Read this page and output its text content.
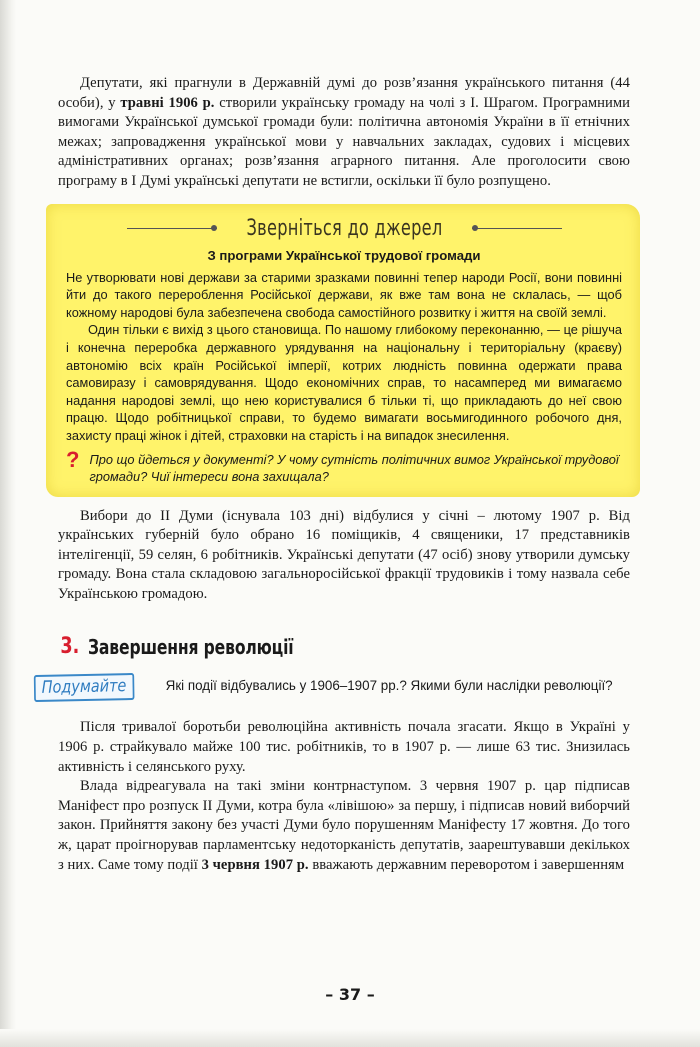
Депутати, які прагнули в Державній думі до розв’язання українського питання (44 особи), у травні 1906 р. створили українську громаду на чолі з І. Шрагом. Програмними вимогами Української думської громади були: політична автономія України в її етнічних межах; запровадження української мови у навчальних закладах, судових і місцевих адміністративних органах; розв’язання аграрного питання. Але проголосити свою програму в І Думі українські депутати не встигли, оскільки її було розпущено.

Зверніться до джерел
З програми Української трудової громади

Не утворювати нові держави за старими зразками повинні тепер народи Росії, вони повинні йти до такого перероблення Російської держави, як вже там вона не склалась, — щоб кожному народові була забезпечена свобода самостійного розвитку і життя на своїй землі.

Один тільки є вихід з цього становища. По нашому глибокому переконанню, — це рішуча і конечна переробка державного урядування на національну і територіальну (краєву) автономію всіх країн Російської імперії, котрих людність повинна одержати права самовиразу і самоврядування. Щодо економічних справ, то насамперед ми вимагаємо надання народові землі, що нею користувалися б тільки ті, що прикладають до неї свою працю. Щодо робітницької справи, то будемо вимагати восьмигодинного робочого дня, захисту праці жінок і дітей, страховки на старість і на випадок знесилення.

? Про що йдеться у документі? У чому сутність політичних вимог Української трудової громади? Чиї інтереси вона захищала?

Вибори до ІІ Думи (існувала 103 дні) відбулися у січні – лютому 1907 р. Від українських губерній було обрано 16 поміщиків, 4 священики, 17 представників інтелігенції, 59 селян, 6 робітників. Українські депутати (47 осіб) знову утворили думську громаду. Вона стала складовою загальноросійської фракції трудовиків і тому назвала себе Українською громадою.

3. Завершення революції
Подумайте	Які події відбувались у 1906–1907 рр.? Якими були наслідки революції?

Після тривалої боротьби революційна активність почала згасати. Якщо в Україні у 1906 р. страйкувало майже 100 тис. робітників, то в 1907 р. — лише 63 тис. Знизилась активність і селянського руху.

Влада відреагувала на такі зміни контрнаступом. 3 червня 1907 р. цар підписав Маніфест про розпуск ІІ Думи, котра була «лівішою» за першу, і підписав новий виборчий закон. Прийняття закону без участі Думи було порушенням Маніфесту 17 жовтня. До того ж, царат проігнорував парламентську недоторканість депутатів, заарештувавши декількох з них. Саме тому події 3 червня 1907 р. вважають державним переворотом і завершенням

– 37 –
